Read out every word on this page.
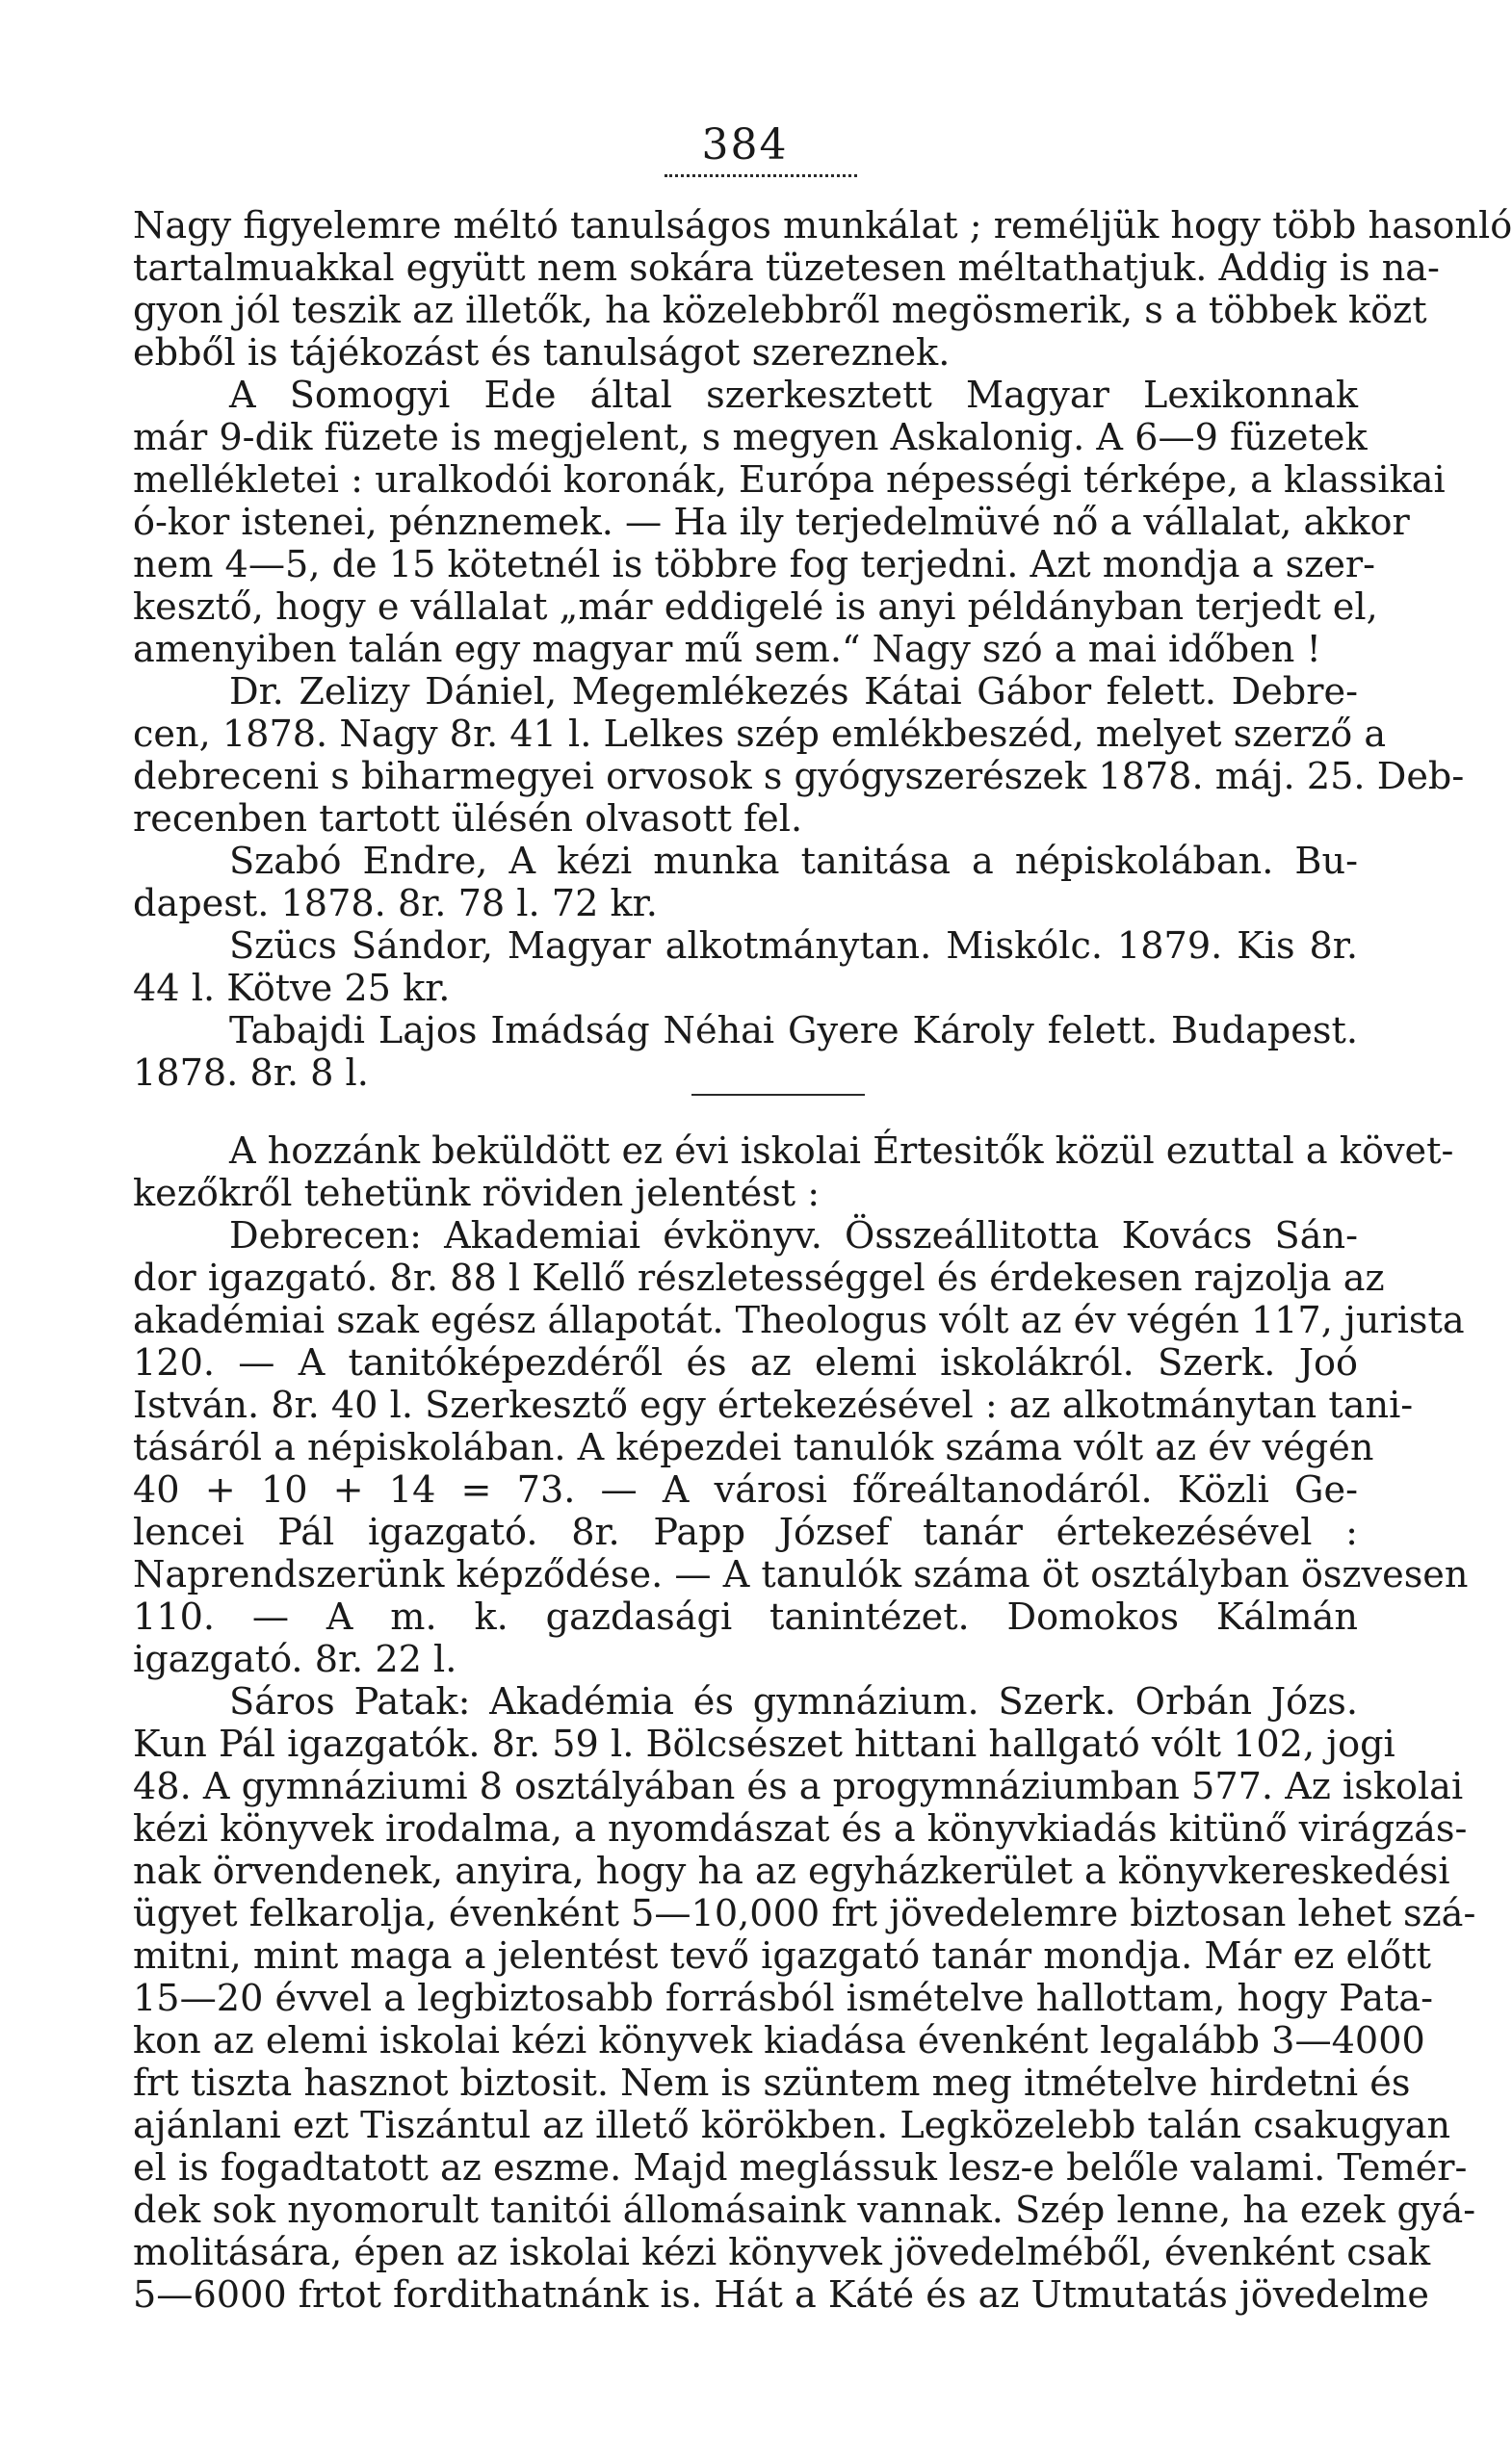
384
Nagy figyelemre méltó tanulságos munkálat ; reméljük hogy több hasonló
tartalmuakkal együtt nem sokára tüzetesen méltathatjuk. Addig is na-
gyon jól teszik az illetők, ha közelebbről megösmerik, s a többek közt
ebből is tájékozást és tanulságot szereznek.
A Somogyi Ede által szerkesztett Magyar Lexikonnak
már 9-dik füzete is megjelent, s megyen Askalonig. A 6—9 füzetek
mellékletei : uralkodói koronák, Európa népességi térképe, a klassikai
ó-kor istenei, pénznemek. — Ha ily terjedelmüvé nő a vállalat, akkor
nem 4—5, de 15 kötetnél is többre fog terjedni. Azt mondja a szer-
kesztő, hogy e vállalat „már eddigelé is anyi példányban terjedt el,
amenyiben talán egy magyar mű sem.“ Nagy szó a mai időben !
Dr. Zelizy Dániel, Megemlékezés Kátai Gábor felett. Debre-
cen, 1878. Nagy 8r. 41 l. Lelkes szép emlékbeszéd, melyet szerző a
debreceni s biharmegyei orvosok s gyógyszerészek 1878. máj. 25. Deb-
recenben tartott ülésén olvasott fel.
Szabó Endre, A kézi munka tanitása a népiskolában. Bu-
dapest. 1878. 8r. 78 l. 72 kr.
Szücs Sándor, Magyar alkotmánytan. Miskólc. 1879. Kis 8r.
44 l. Kötve 25 kr.
Tabajdi Lajos Imádság Néhai Gyere Károly felett. Budapest.
1878. 8r. 8 l.
A hozzánk beküldött ez évi iskolai Értesitők közül ezuttal a követ-
kezőkről tehetünk röviden jelentést :
Debrecen: Akademiai évkönyv. Összeállitotta Kovács Sán-
dor igazgató. 8r. 88 l Kellő részletességgel és érdekesen rajzolja az
akadémiai szak egész állapotát. Theologus vólt az év végén 117, jurista
120. — A tanitóképezdéről és az elemi iskolákról. Szerk. Joó
István. 8r. 40 l. Szerkesztő egy értekezésével : az alkotmánytan tani-
tásáról a népiskolában. A képezdei tanulók száma vólt az év végén
40 + 10 + 14 = 73. — A városi főreáltanodáról. Közli Ge-
lencei Pál igazgató. 8r. Papp József tanár értekezésével :
Naprendszerünk képződése. — A tanulók száma öt osztályban öszvesen
110. — A m. k. gazdasági tanintézet. Domokos Kálmán
igazgató. 8r. 22 l.
Sáros Patak: Akadémia és gymnázium. Szerk. Orbán Józs.
Kun Pál igazgatók. 8r. 59 l. Bölcsészet hittani hallgató vólt 102, jogi
48. A gymnáziumi 8 osztályában és a progymnáziumban 577. Az iskolai
kézi könyvek irodalma, a nyomdászat és a könyvkiadás kitünő virágzás-
nak örvendenek, anyira, hogy ha az egyházkerület a könyvkereskedési
ügyet felkarolja, évenként 5—10,000 frt jövedelemre biztosan lehet szá-
mitni, mint maga a jelentést tevő igazgató tanár mondja. Már ez előtt
15—20 évvel a legbiztosabb forrásból ismételve hallottam, hogy Pata-
kon az elemi iskolai kézi könyvek kiadása évenként legalább 3—4000
frt tiszta hasznot biztosit. Nem is szüntem meg itmételve hirdetni és
ajánlani ezt Tiszántul az illető körökben. Legközelebb talán csakugyan
el is fogadtatott az eszme. Majd meglássuk lesz-e belőle valami. Temér-
dek sok nyomorult tanitói állomásaink vannak. Szép lenne, ha ezek gyá-
molitására, épen az iskolai kézi könyvek jövedelméből, évenként csak
5—6000 frtot fordithatnánk is. Hát a Káté és az Utmutatás jövedelme
